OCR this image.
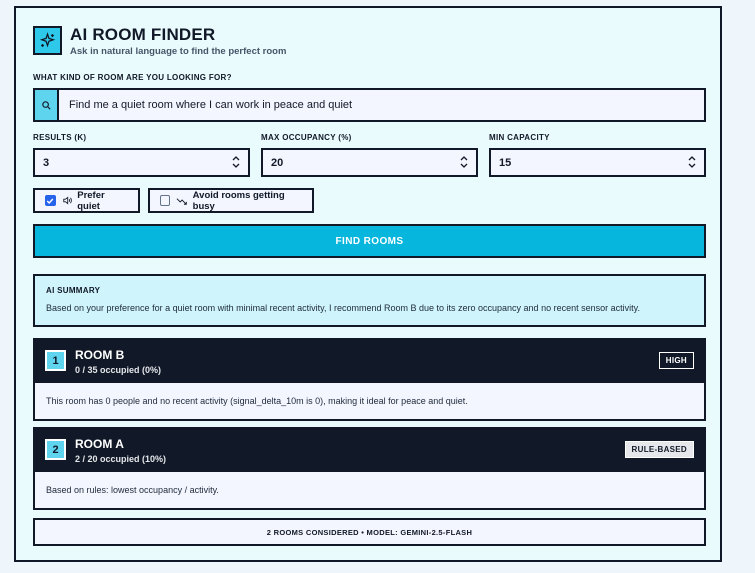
AI ROOM FINDER
Ask in natural language to find the perfect room
WHAT KIND OF ROOM ARE YOU LOOKING FOR?
Find me a quiet room where I can work in peace and quiet
RESULTS (K)	MAX OCCUPANCY (%)	MIN CAPACITY
3	20	15
Prefer quiet
Avoid rooms getting busy
FIND ROOMS
AI SUMMARY
Based on your preference for a quiet room with minimal recent activity, I recommend Room B due to its zero occupancy and no recent sensor activity.
1	ROOM B
0 / 35 occupied (0%)
HIGH
This room has 0 people and no recent activity (signal_delta_10m is 0), making it ideal for peace and quiet.
2	ROOM A
2 / 20 occupied (10%)
RULE-BASED
Based on rules: lowest occupancy / activity.
2 ROOMS CONSIDERED • MODEL: GEMINI-2.5-FLASH
